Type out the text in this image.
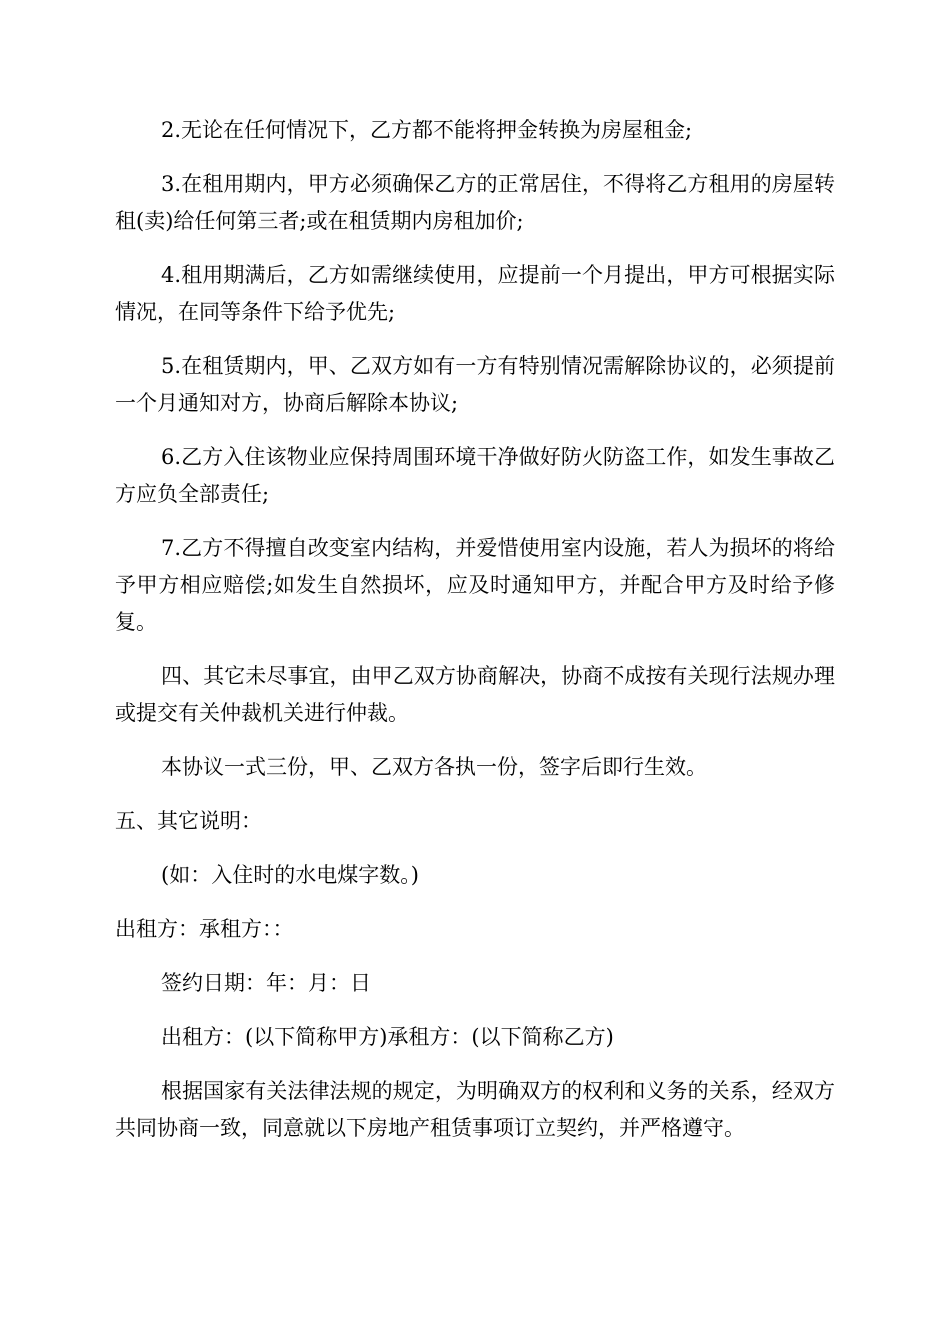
2.无论在任何情况下，乙方都不能将押金转换为房屋租金;

3.在租用期内，甲方必须确保乙方的正常居住，不得将乙方租用的房屋转租(卖)给任何第三者;或在租赁期内房租加价;

4.租用期满后，乙方如需继续使用，应提前一个月提出，甲方可根据实际情况，在同等条件下给予优先;

5.在租赁期内，甲、乙双方如有一方有特别情况需解除协议的，必须提前一个月通知对方，协商后解除本协议;

6.乙方入住该物业应保持周围环境干净做好防火防盗工作，如发生事故乙方应负全部责任;

7.乙方不得擅自改变室内结构，并爱惜使用室内设施，若人为损坏的将给予甲方相应赔偿;如发生自然损坏，应及时通知甲方，并配合甲方及时给予修复。

四、其它未尽事宜，由甲乙双方协商解决，协商不成按有关现行法规办理或提交有关仲裁机关进行仲裁。

本协议一式三份，甲、乙双方各执一份，签字后即行生效。

五、其它说明：

(如：入住时的水电煤字数。)

出租方：承租方：：

签约日期：年：月：日

出租方：(以下简称甲方)承租方：(以下简称乙方)

根据国家有关法律法规的规定，为明确双方的权利和义务的关系，经双方共同协商一致，同意就以下房地产租赁事项订立契约，并严格遵守。
